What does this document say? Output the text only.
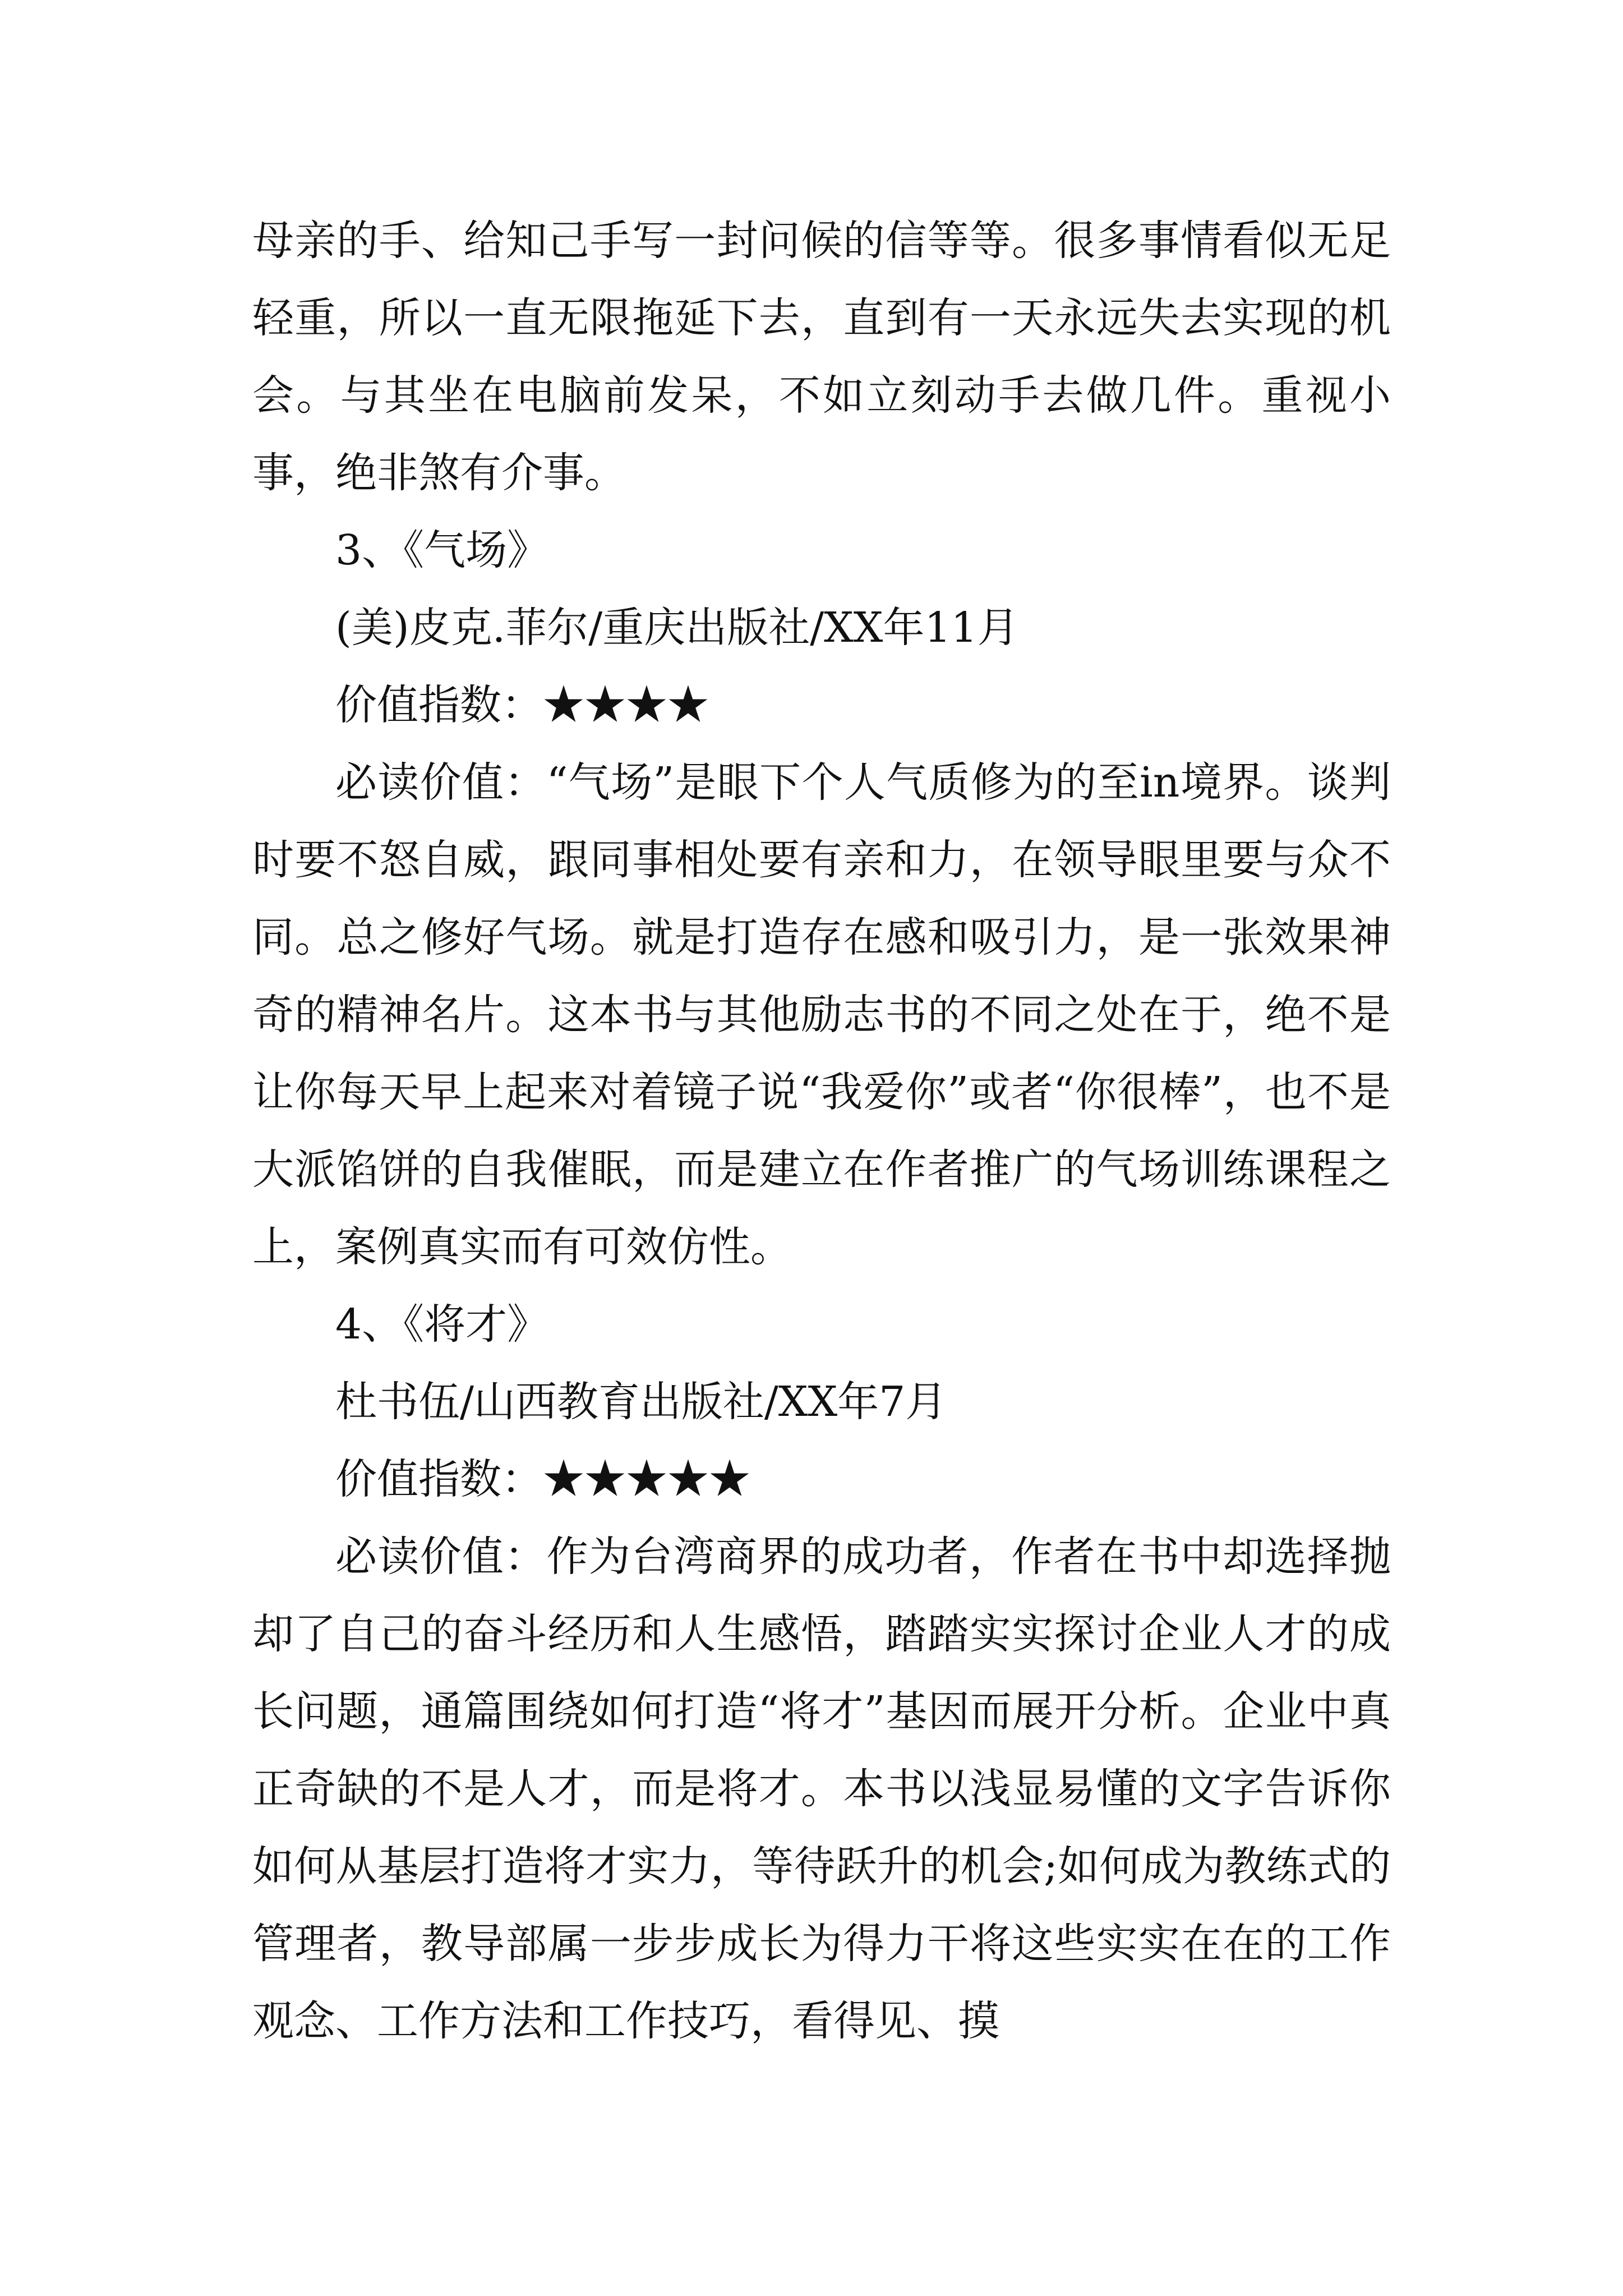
母亲的手、给知己手写一封问候的信等等。很多事情看似无足轻重，所以一直无限拖延下去，直到有一天永远失去实现的机会。与其坐在电脑前发呆，不如立刻动手去做几件。重视小事，绝非煞有介事。

3、《气场》

(美)皮克.菲尔/重庆出版社/XX年11月

价值指数：★★★★

必读价值：“气场”是眼下个人气质修为的至in境界。谈判时要不怒自威，跟同事相处要有亲和力，在领导眼里要与众不同。总之修好气场。就是打造存在感和吸引力，是一张效果神奇的精神名片。这本书与其他励志书的不同之处在于，绝不是让你每天早上起来对着镜子说“我爱你”或者“你很棒”，也不是大派馅饼的自我催眠，而是建立在作者推广的气场训练课程之上，案例真实而有可效仿性。

4、《将才》

杜书伍/山西教育出版社/XX年7月

价值指数：★★★★★

必读价值：作为台湾商界的成功者，作者在书中却选择抛却了自己的奋斗经历和人生感悟，踏踏实实探讨企业人才的成长问题，通篇围绕如何打造“将才”基因而展开分析。企业中真正奇缺的不是人才，而是将才。本书以浅显易懂的文字告诉你如何从基层打造将才实力，等待跃升的机会;如何成为教练式的管理者，教导部属一步步成长为得力干将这些实实在在的工作观念、工作方法和工作技巧，看得见、摸
